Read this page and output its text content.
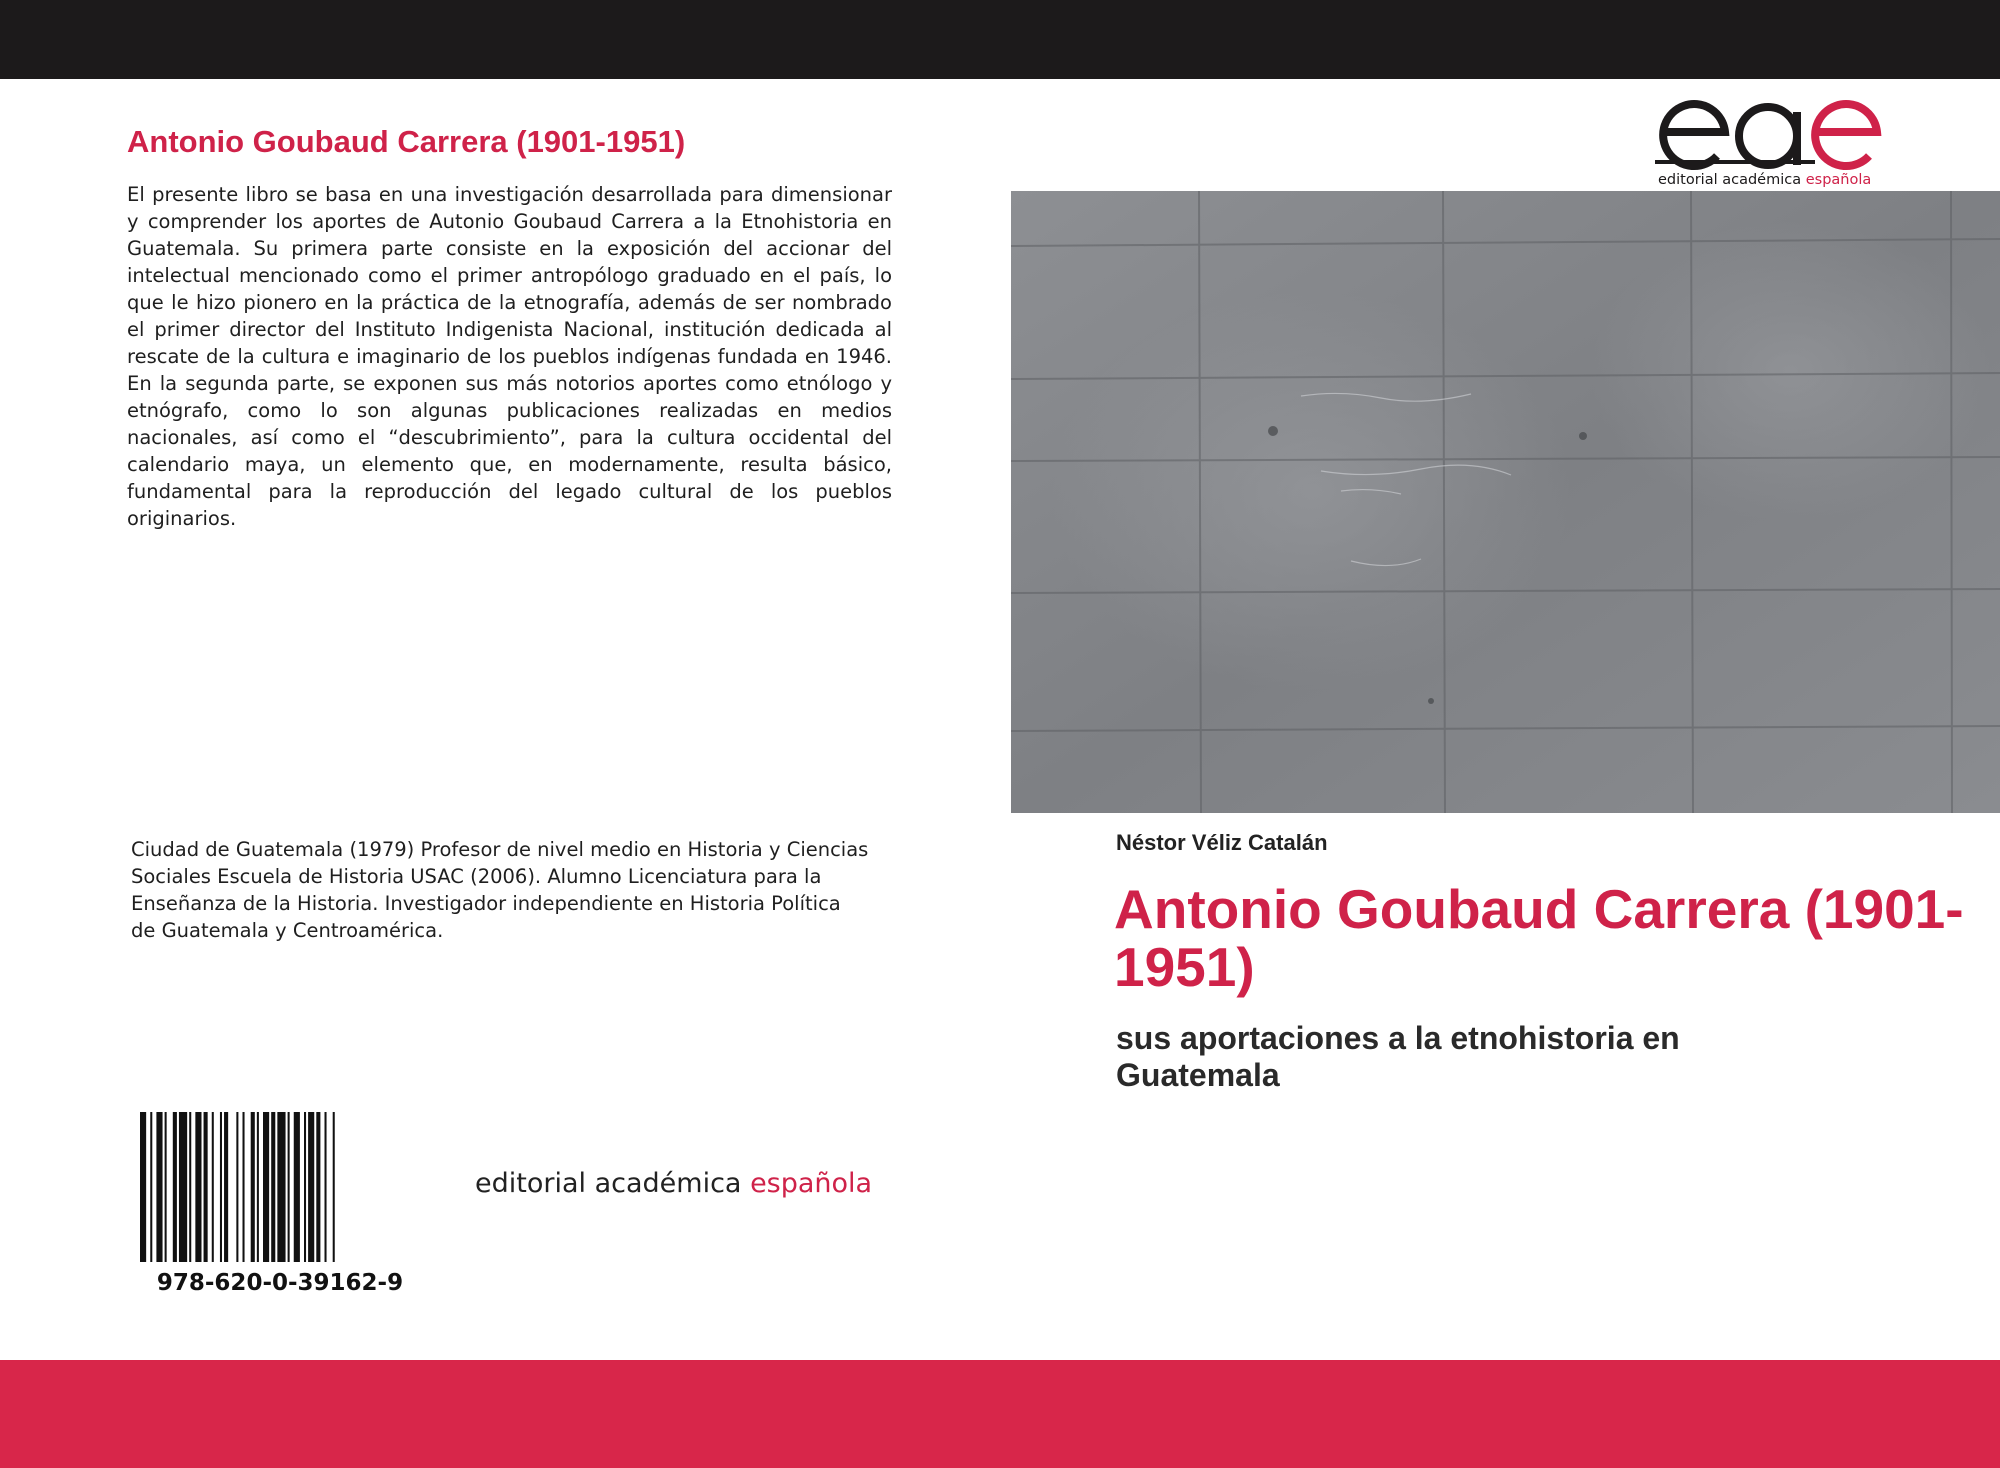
Antonio Goubaud Carrera (1901-1951)

El presente libro se basa en una investigación desarrollada para dimensionar y comprender los aportes de Autonio Goubaud Carrera a la Etnohistoria en Guatemala. Su primera parte consiste en la exposición del accionar del intelectual mencionado como el primer antropólogo graduado en el país, lo que le hizo pionero en la práctica de la etnografía, además de ser nombrado el primer director del Instituto Indigenista Nacional, institución dedicada al rescate de la cultura e imaginario de los pueblos indígenas fundada en 1946. En la segunda parte, se exponen sus más notorios aportes como etnólogo y etnógrafo, como lo son algunas publicaciones realizadas en medios nacionales, así como el “descubrimiento”, para la cultura occidental del calendario maya, un elemento que, en modernamente, resulta básico, fundamental para la reproducción del legado cultural de los pueblos originarios.

Ciudad de Guatemala (1979) Profesor de nivel medio en Historia y Ciencias Sociales Escuela de Historia USAC (2006). Alumno Licenciatura para la Enseñanza de la Historia. Investigador independiente en Historia Política de Guatemala y Centroamérica.

978-620-0-39162-9
editorial académica española
editorial académica española
Néstor Véliz Catalán
Antonio Goubaud Carrera (1901-1951)

sus aportaciones a la etnohistoria en Guatemala
